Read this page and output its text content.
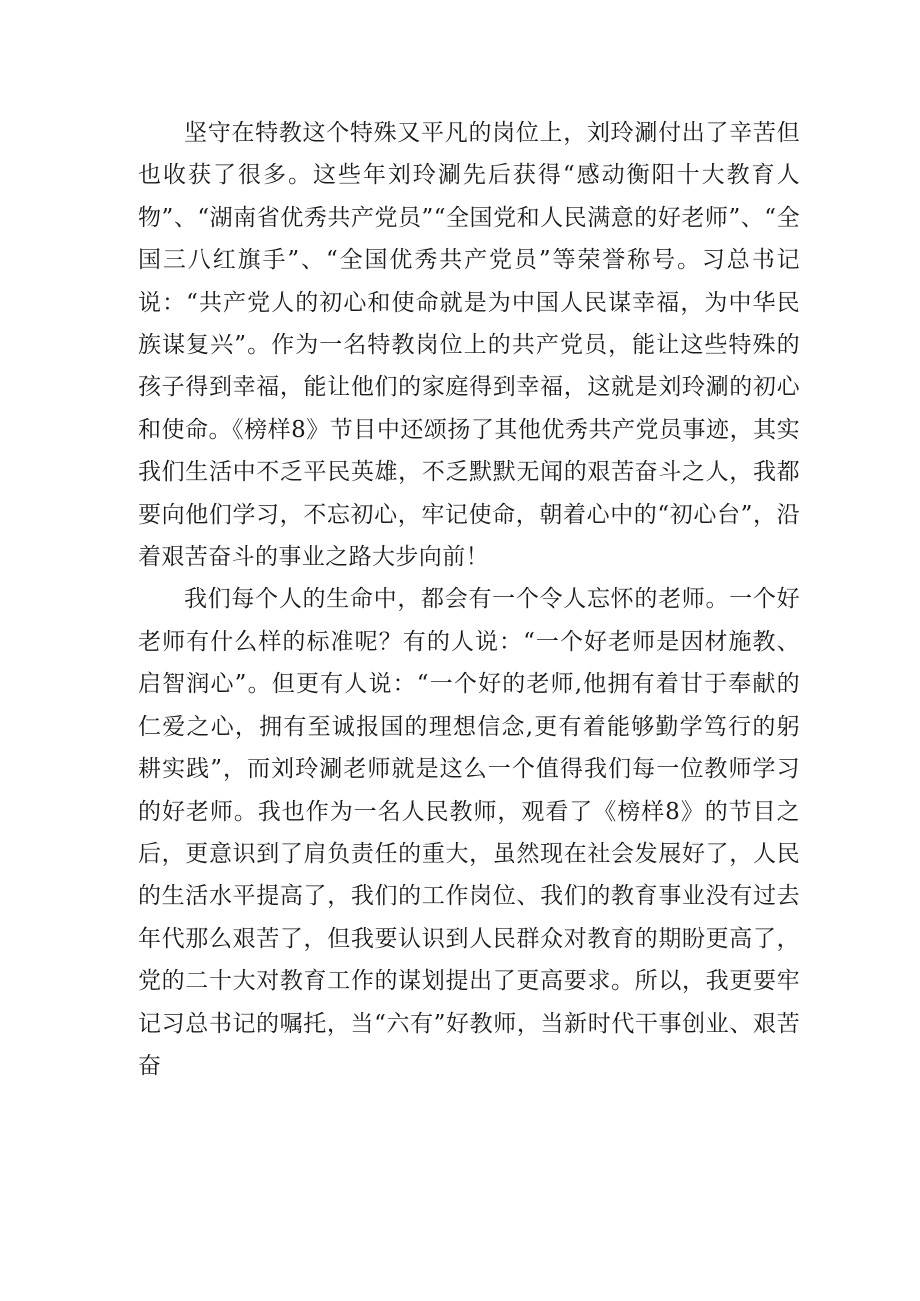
坚守在特教这个特殊又平凡的岗位上，刘玲涮付出了辛苦但也收获了很多。这些年刘玲涮先后获得“感动衡阳十大教育人物”、“湖南省优秀共产党员”“全国党和人民满意的好老师”、“全国三八红旗手”、“全国优秀共产党员”等荣誉称号。习总书记说：“共产党人的初心和使命就是为中国人民谋幸福，为中华民族谋复兴”。作为一名特教岗位上的共产党员，能让这些特殊的孩子得到幸福，能让他们的家庭得到幸福，这就是刘玲涮的初心和使命。《榜样8》节目中还颂扬了其他优秀共产党员事迹，其实我们生活中不乏平民英雄，不乏默默无闻的艰苦奋斗之人，我都要向他们学习，不忘初心，牢记使命，朝着心中的“初心台”，沿着艰苦奋斗的事业之路大步向前！

我们每个人的生命中，都会有一个令人忘怀的老师。一个好老师有什么样的标准呢？有的人说：“一个好老师是因材施教、启智润心”。但更有人说：“一个好的老师,他拥有着甘于奉献的仁爱之心，拥有至诚报国的理想信念,更有着能够勤学笃行的躬耕实践”，而刘玲涮老师就是这么一个值得我们每一位教师学习的好老师。我也作为一名人民教师，观看了《榜样8》的节目之后，更意识到了肩负责任的重大，虽然现在社会发展好了，人民的生活水平提高了，我们的工作岗位、我们的教育事业没有过去年代那么艰苦了，但我要认识到人民群众对教育的期盼更高了，党的二十大对教育工作的谋划提出了更高要求。所以，我更要牢记习总书记的嘱托，当“六有”好教师，当新时代干事创业、艰苦奋
